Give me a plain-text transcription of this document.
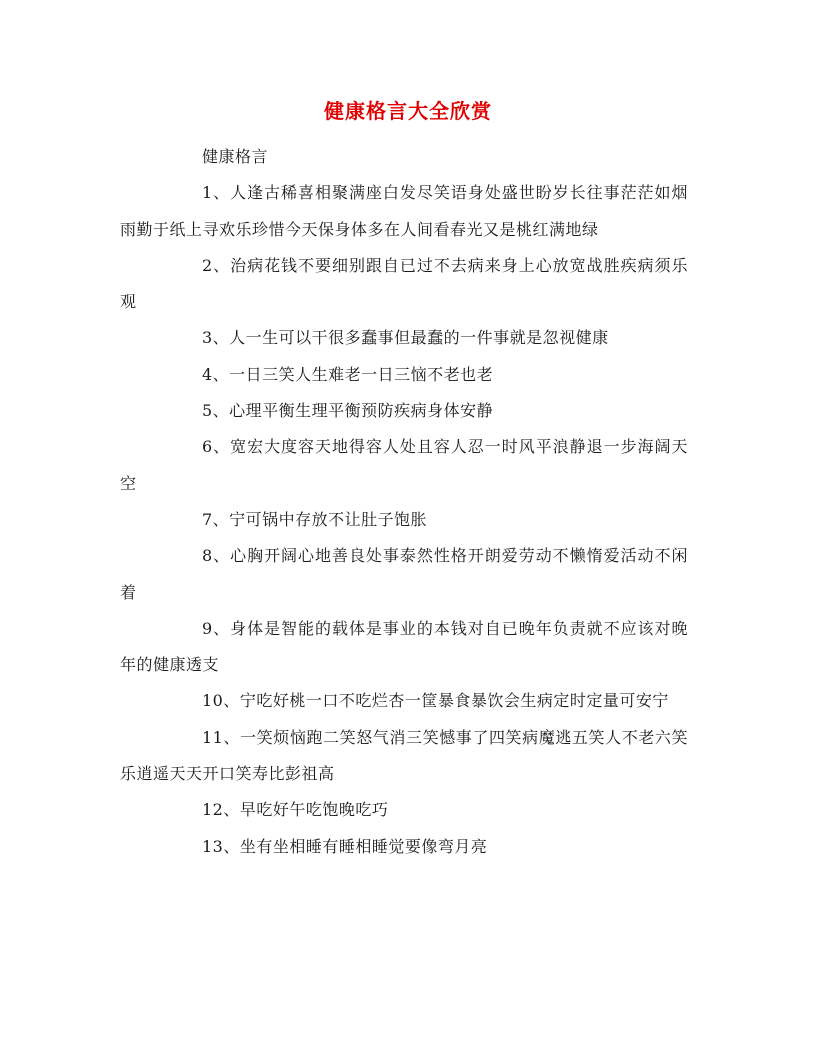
健康格言大全欣赏

健康格言

1、人逢古稀喜相聚满座白发尽笑语身处盛世盼岁长往事茫茫如烟雨勤于纸上寻欢乐珍惜今天保身体多在人间看春光又是桃红满地绿

2、治病花钱不要细别跟自已过不去病来身上心放宽战胜疾病须乐观

3、人一生可以干很多蠢事但最蠢的一件事就是忽视健康

4、一日三笑人生难老一日三恼不老也老

5、心理平衡生理平衡预防疾病身体安静

6、宽宏大度容天地得容人处且容人忍一时风平浪静退一步海阔天空

7、宁可锅中存放不让肚子饱胀

8、心胸开阔心地善良处事泰然性格开朗爱劳动不懒惰爱活动不闲着

9、身体是智能的载体是事业的本钱对自已晚年负责就不应该对晚年的健康透支

10、宁吃好桃一口不吃烂杏一筐暴食暴饮会生病定时定量可安宁

11、一笑烦恼跑二笑怒气消三笑憾事了四笑病魔逃五笑人不老六笑乐逍遥天天开口笑寿比彭祖高

12、早吃好午吃饱晚吃巧

13、坐有坐相睡有睡相睡觉要像弯月亮
